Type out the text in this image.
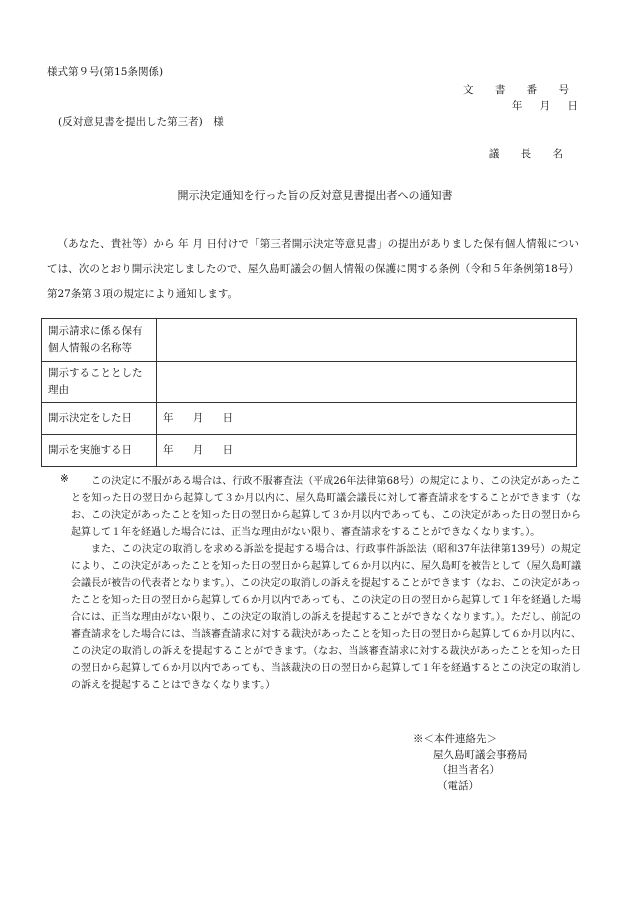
様式第９号(第15条関係)
文 書 番 号
年 月 日
(反対意見書を提出した第三者)　様
議 長 名
開示決定通知を行った旨の反対意見書提出者への通知書
（あなた、貴社等）から 年 月 日付けで「第三者開示決定等意見書」の提出がありました保有個人情報については、次のとおり開示決定しましたので、屋久島町議会の個人情報の保護に関する条例（令和５年条例第18号）第27条第３項の規定により通知します。
開示請求に係る保有個人情報の名称等	
開示することとした理由	
開示決定をした日	年 月 日
開示を実施する日	年 月 日
※	この決定に不服がある場合は、行政不服審査法（平成26年法律第68号）の規定により、この決定があったことを知った日の翌日から起算して３か月以内に、屋久島町議会議長に対して審査請求をすることができます（なお、この決定があったことを知った日の翌日から起算して３か月以内であっても、この決定があった日の翌日から起算して１年を経過した場合には、正当な理由がない限り、審査請求をすることができなくなります。）。

また、この決定の取消しを求める訴訟を提起する場合は、行政事件訴訟法（昭和37年法律第139号）の規定により、この決定があったことを知った日の翌日から起算して６か月以内に、屋久島町を被告として（屋久島町議会議長が被告の代表者となります。）、この決定の取消しの訴えを提起することができます（なお、この決定があったことを知った日の翌日から起算して６か月以内であっても、この決定の日の翌日から起算して１年を経過した場合には、正当な理由がない限り、この決定の取消しの訴えを提起することができなくなります。）。ただし、前記の審査請求をした場合には、当該審査請求に対する裁決があったことを知った日の翌日から起算して６か月以内に、この決定の取消しの訴えを提起することができます。（なお、当該審査請求に対する裁決があったことを知った日の翌日から起算して６か月以内であっても、当該裁決の日の翌日から起算して１年を経過するとこの決定の取消しの訴えを提起することはできなくなります。）

※＜本件連絡先＞
屋久島町議会事務局
（担当者名）
（電話）
